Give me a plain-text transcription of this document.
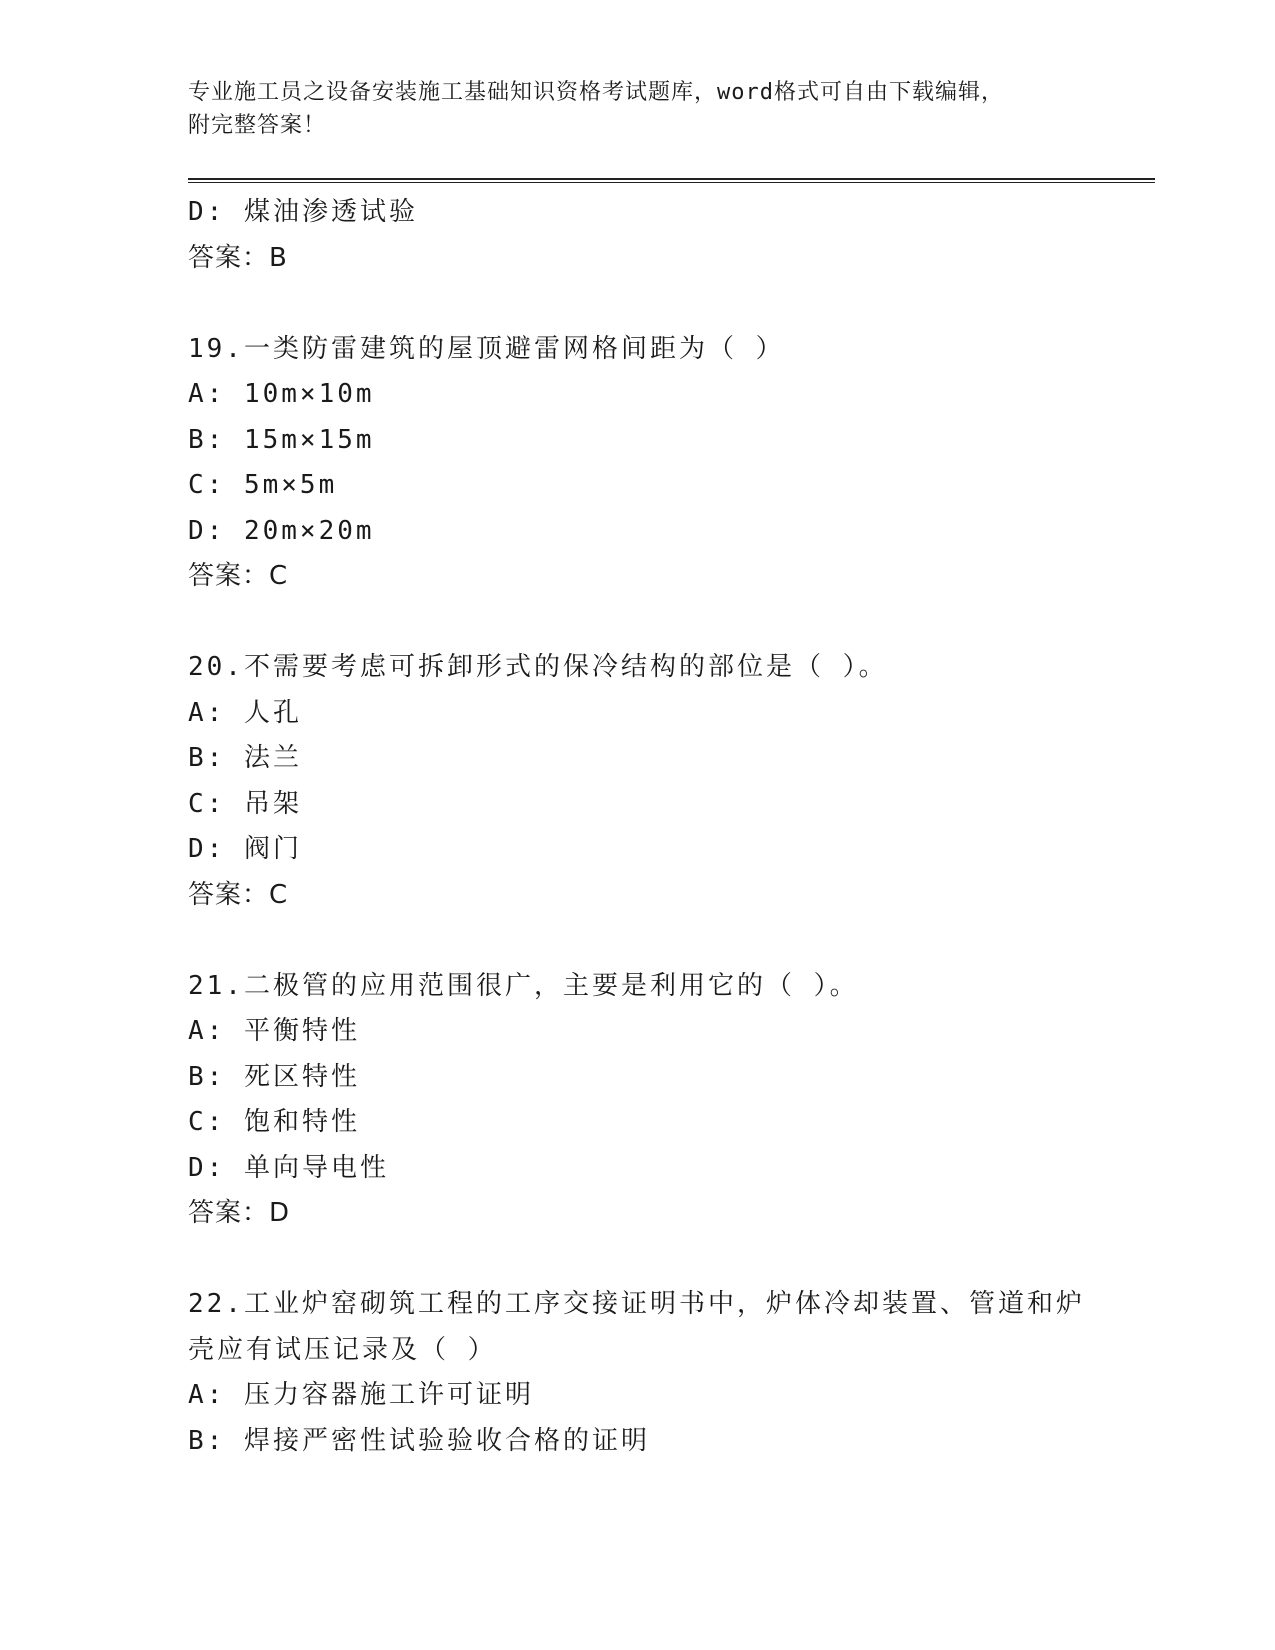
专业施工员之设备安装施工基础知识资格考试题库，word格式可自由下载编辑，
附完整答案！
D: 煤油渗透试验
答案：B
19.一类防雷建筑的屋顶避雷网格间距为（ ）
A: 10m×10m
B: 15m×15m
C: 5m×5m
D: 20m×20m
答案：C
20.不需要考虑可拆卸形式的保冷结构的部位是（ ）。
A: 人孔
B: 法兰
C: 吊架
D: 阀门
答案：C
21.二极管的应用范围很广，主要是利用它的（ ）。
A: 平衡特性
B: 死区特性
C: 饱和特性
D: 单向导电性
答案：D
22.工业炉窑砌筑工程的工序交接证明书中，炉体冷却装置、管道和炉
壳应有试压记录及（ ）
A: 压力容器施工许可证明
B: 焊接严密性试验验收合格的证明
